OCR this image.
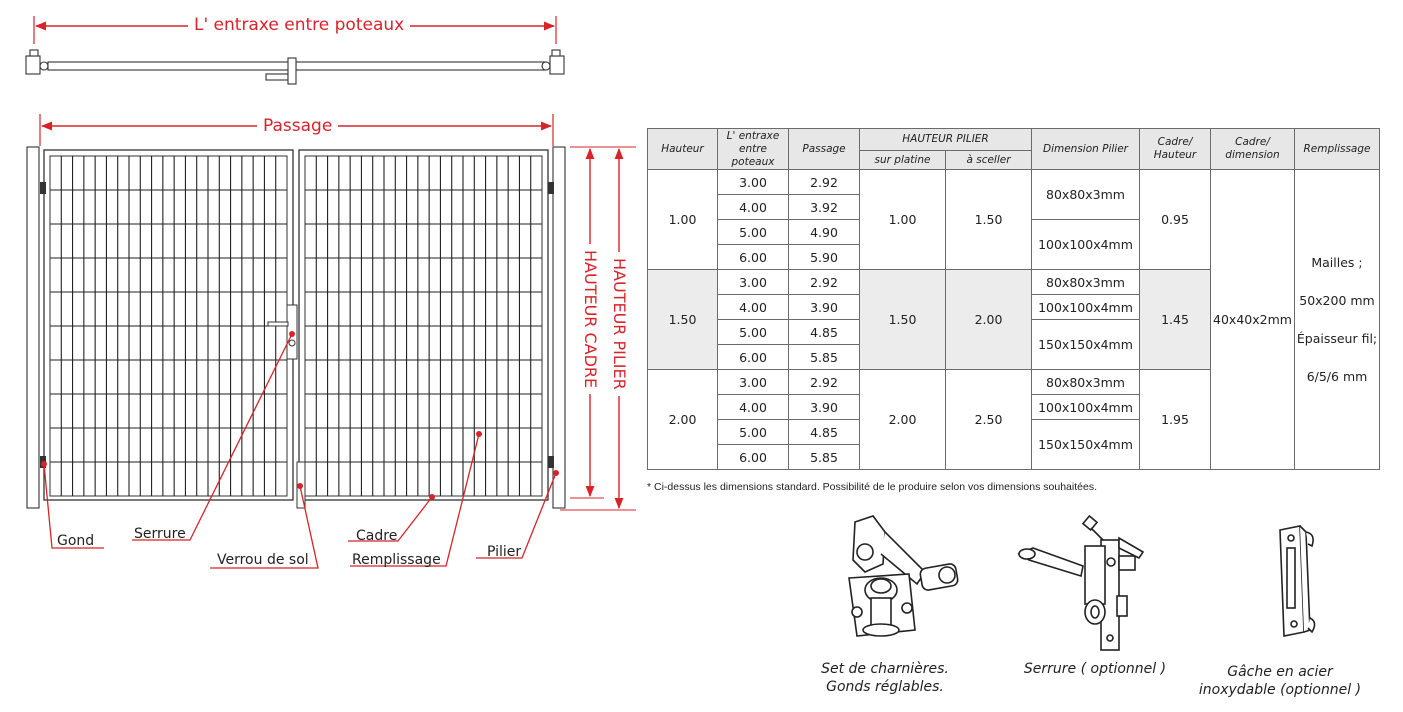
L' entraxe entre poteaux
Passage
HAUTEUR CADRE HAUTEUR PILIER
Gond	Serrure
Verrou de sol
Cadre
Remplissage	Pilier
Hauteur	L' entraxe entre poteaux	Passage	HAUTEUR PILIER		Dimension Pilier	Cadre/ Hauteur	Cadre/ dimension	Remplissage
			sur platine	à sceller				
1.00	3.00	2.92	1.00	1.50	80x80x3mm	0.95	40x40x2mm	Mailles ;
50x200 mm
Épaisseur fil;
6/5/6 mm
	4.00	3.92						
	5.00	4.90			100x100x4mm			
	6.00	5.90						
1.50	3.00	2.92	1.50	2.00	80x80x3mm	1.45		
	4.00	3.90			100x100x4mm			
	5.00	4.85			150x150x4mm			
	6.00	5.85						
2.00	3.00	2.92	2.00	2.50	80x80x3mm	1.95		
	4.00	3.90			100x100x4mm			
	5.00	4.85			150x150x4mm			
	6.00	5.85						
* Ci-dessus les dimensions standard. Possibilité de le produire selon vos dimensions souhaitées.
Set de charnières.
Gonds réglables.
Serrure ( optionnel )	Gâche en acier
inoxydable (optionnel )
